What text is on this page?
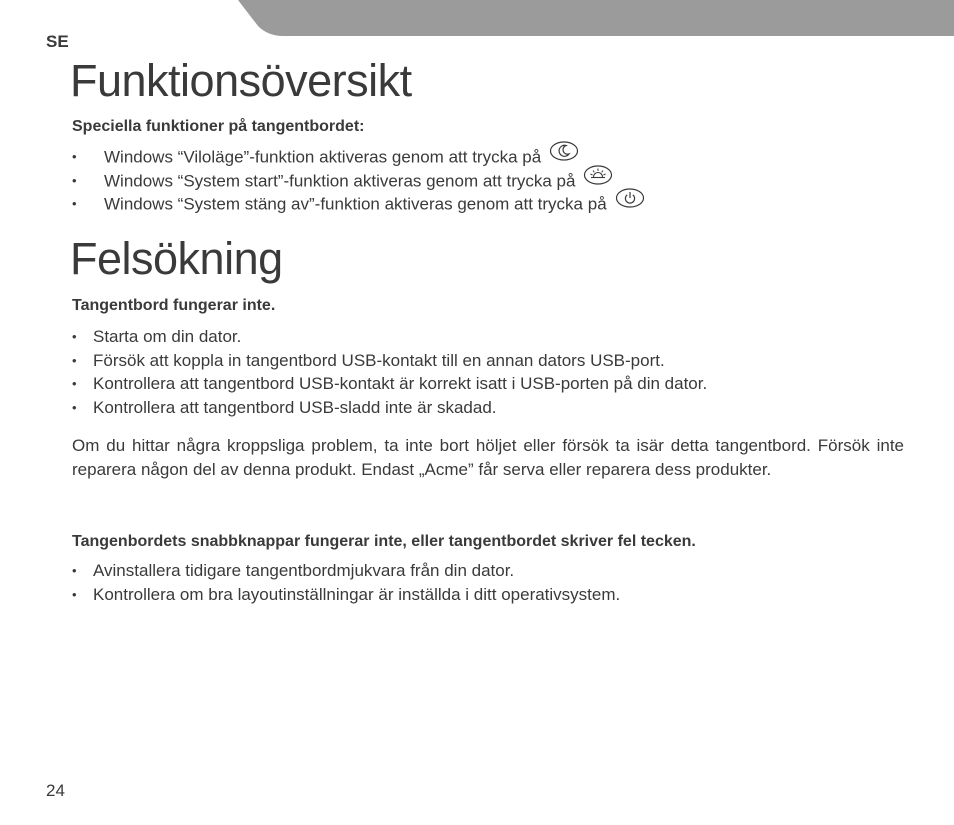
SE
Funktionsöversikt
Speciella funktioner på tangentbordet:
• Windows “Viloläge”-funktion aktiveras genom att trycka på
• Windows “System start”-funktion aktiveras genom att trycka på
• Windows “System stäng av”-funktion aktiveras genom att trycka på
Felsökning
Tangentbord fungerar inte.
• Starta om din dator.
• Försök att koppla in tangentbord USB-kontakt till en annan dators USB-port.
• Kontrollera att tangentbord USB-kontakt är korrekt isatt i USB-porten på din dator.
• Kontrollera att tangentbord USB-sladd inte är skadad.

Om du hittar några kroppsliga problem, ta inte bort höljet eller försök ta isär detta tangentbord. Försök inte reparera någon del av denna produkt. Endast „Acme” får serva eller reparera dess produkter.

Tangenbordets snabbknappar fungerar inte, eller tangentbordet skriver fel tecken.
• Avinstallera tidigare tangentbordmjukvara från din dator.
• Kontrollera om bra layoutinställningar är inställda i ditt operativsystem.
24
